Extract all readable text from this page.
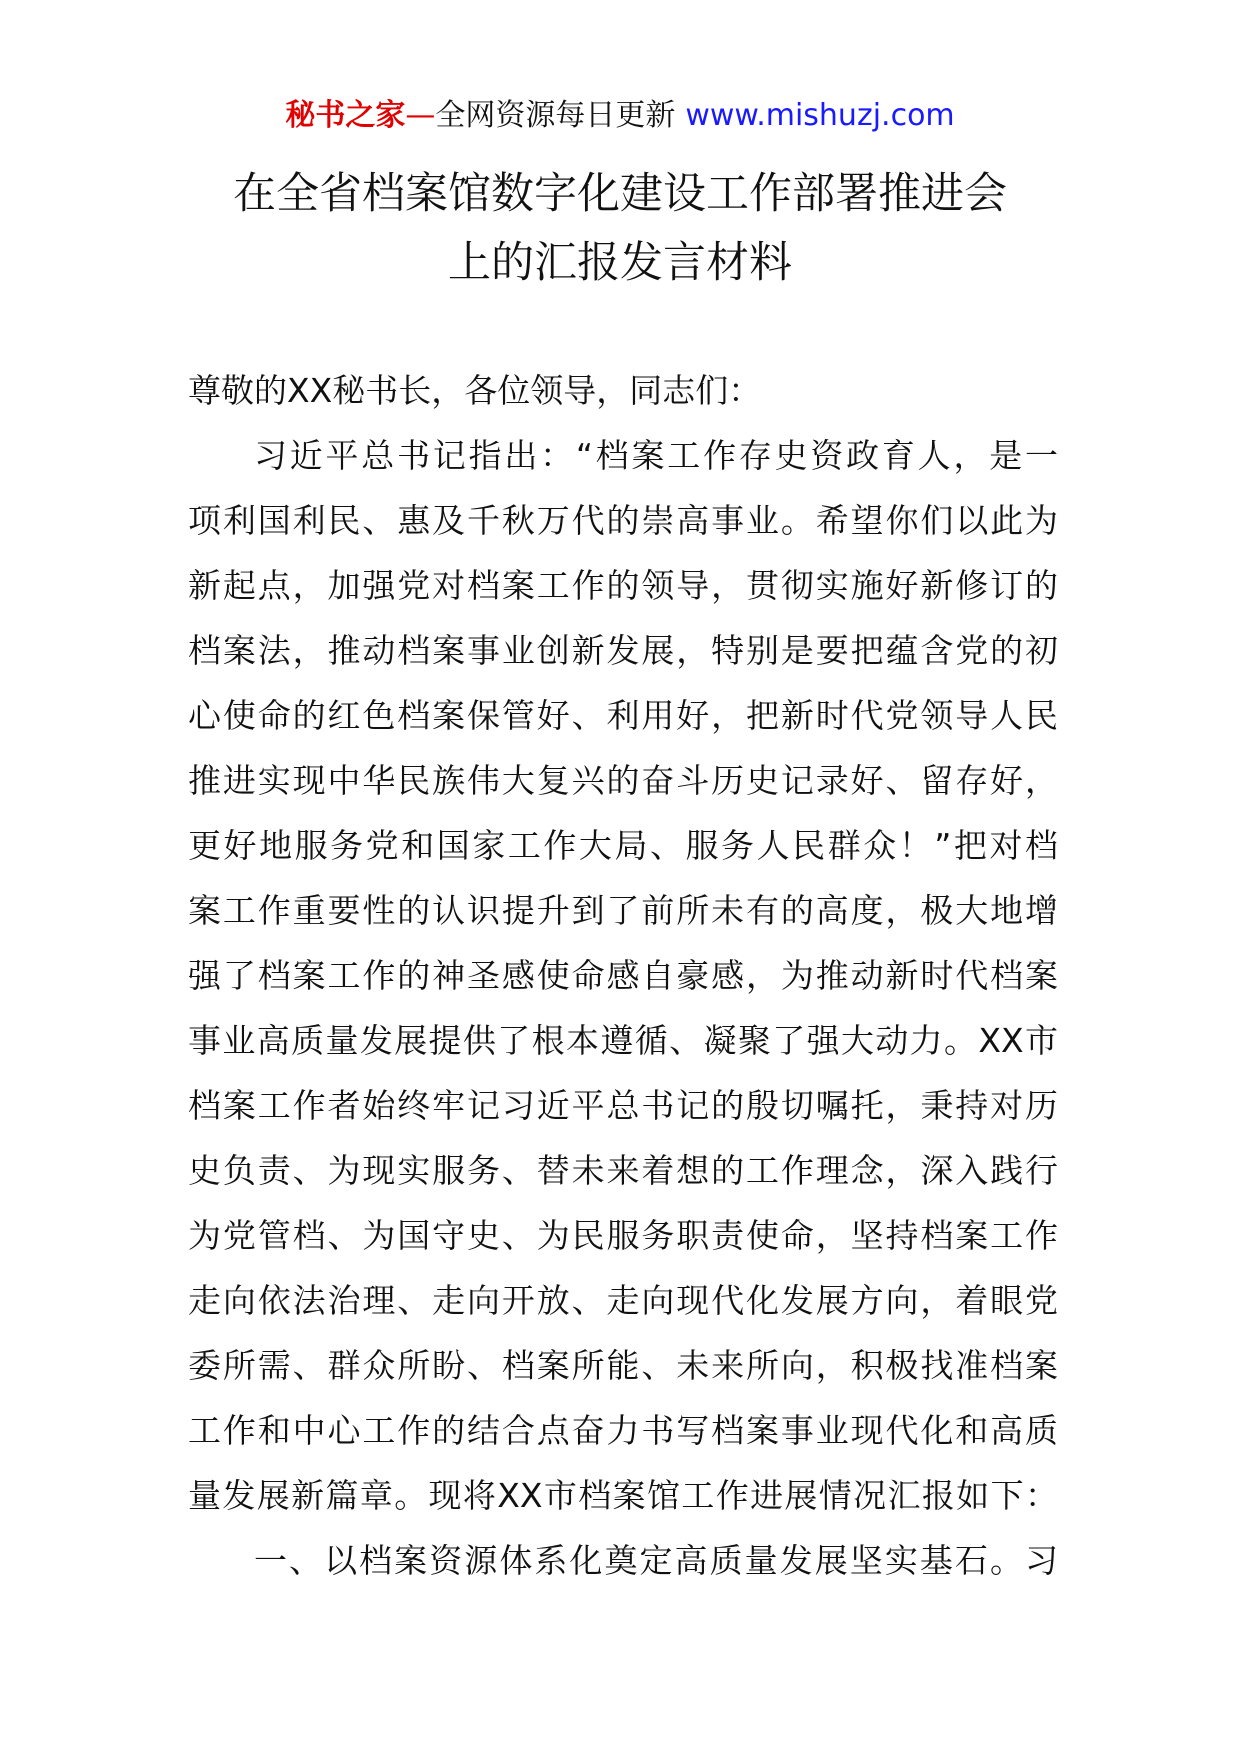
秘书之家—全网资源每日更新 www.mishuzj.com
在全省档案馆数字化建设工作部署推进会
上的汇报发言材料
尊敬的XX秘书长，各位领导，同志们：
习近平总书记指出：“档案工作存史资政育人，是一
项利国利民、惠及千秋万代的崇高事业。希望你们以此为
新起点，加强党对档案工作的领导，贯彻实施好新修订的
档案法，推动档案事业创新发展，特别是要把蕴含党的初
心使命的红色档案保管好、利用好，把新时代党领导人民
推进实现中华民族伟大复兴的奋斗历史记录好、留存好，
更好地服务党和国家工作大局、服务人民群众！”把对档
案工作重要性的认识提升到了前所未有的高度，极大地增
强了档案工作的神圣感使命感自豪感，为推动新时代档案
事业高质量发展提供了根本遵循、凝聚了强大动力。XX市
档案工作者始终牢记习近平总书记的殷切嘱托，秉持对历
史负责、为现实服务、替未来着想的工作理念，深入践行
为党管档、为国守史、为民服务职责使命，坚持档案工作
走向依法治理、走向开放、走向现代化发展方向，着眼党
委所需、群众所盼、档案所能、未来所向，积极找准档案
工作和中心工作的结合点奋力书写档案事业现代化和高质
量发展新篇章。现将XX市档案馆工作进展情况汇报如下：
一、以档案资源体系化奠定高质量发展坚实基石。习
